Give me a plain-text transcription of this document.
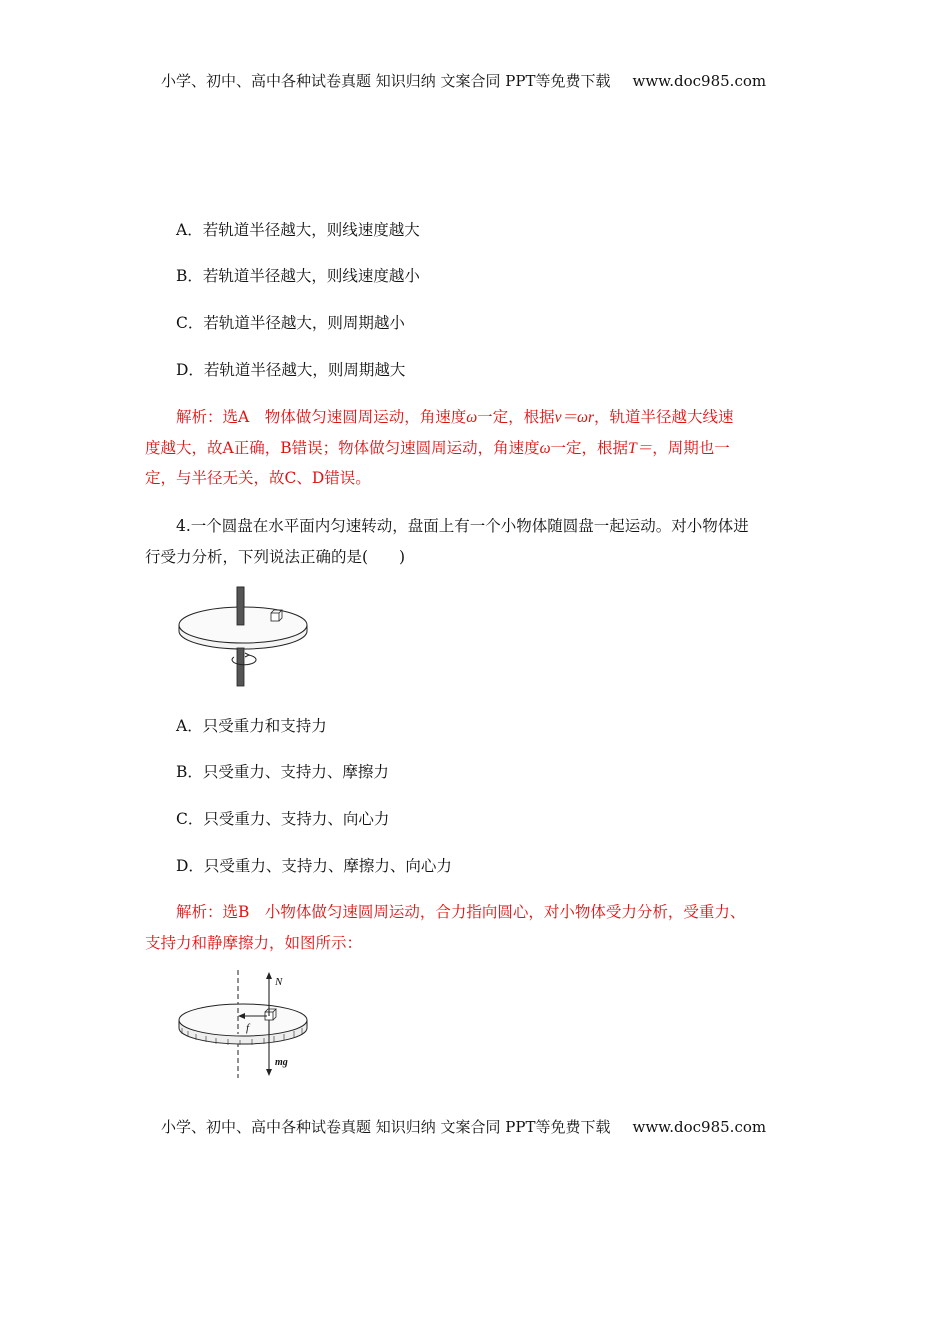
小学、初中、高中各种试卷真题 知识归纳 文案合同 PPT等免费下载 www.doc985.com
A．若轨道半径越大，则线速度越大
B．若轨道半径越大，则线速度越小
C．若轨道半径越大，则周期越小
D．若轨道半径越大，则周期越大
解析：选A　物体做匀速圆周运动，角速度ω一定，根据v＝ωr，轨道半径越大线速
度越大，故A正确，B错误；物体做匀速圆周运动，角速度ω一定，根据T＝，周期也一
定，与半径无关，故C、D错误。
4.一个圆盘在水平面内匀速转动，盘面上有一个小物体随圆盘一起运动。对小物体进
行受力分析，下列说法正确的是(　　)
A．只受重力和支持力
B．只受重力、支持力、摩擦力
C．只受重力、支持力、向心力
D．只受重力、支持力、摩擦力、向心力
解析：选B　小物体做匀速圆周运动，合力指向圆心，对小物体受力分析，受重力、
支持力和静摩擦力，如图所示：
N
f
mg
小学、初中、高中各种试卷真题 知识归纳 文案合同 PPT等免费下载 www.doc985.com
